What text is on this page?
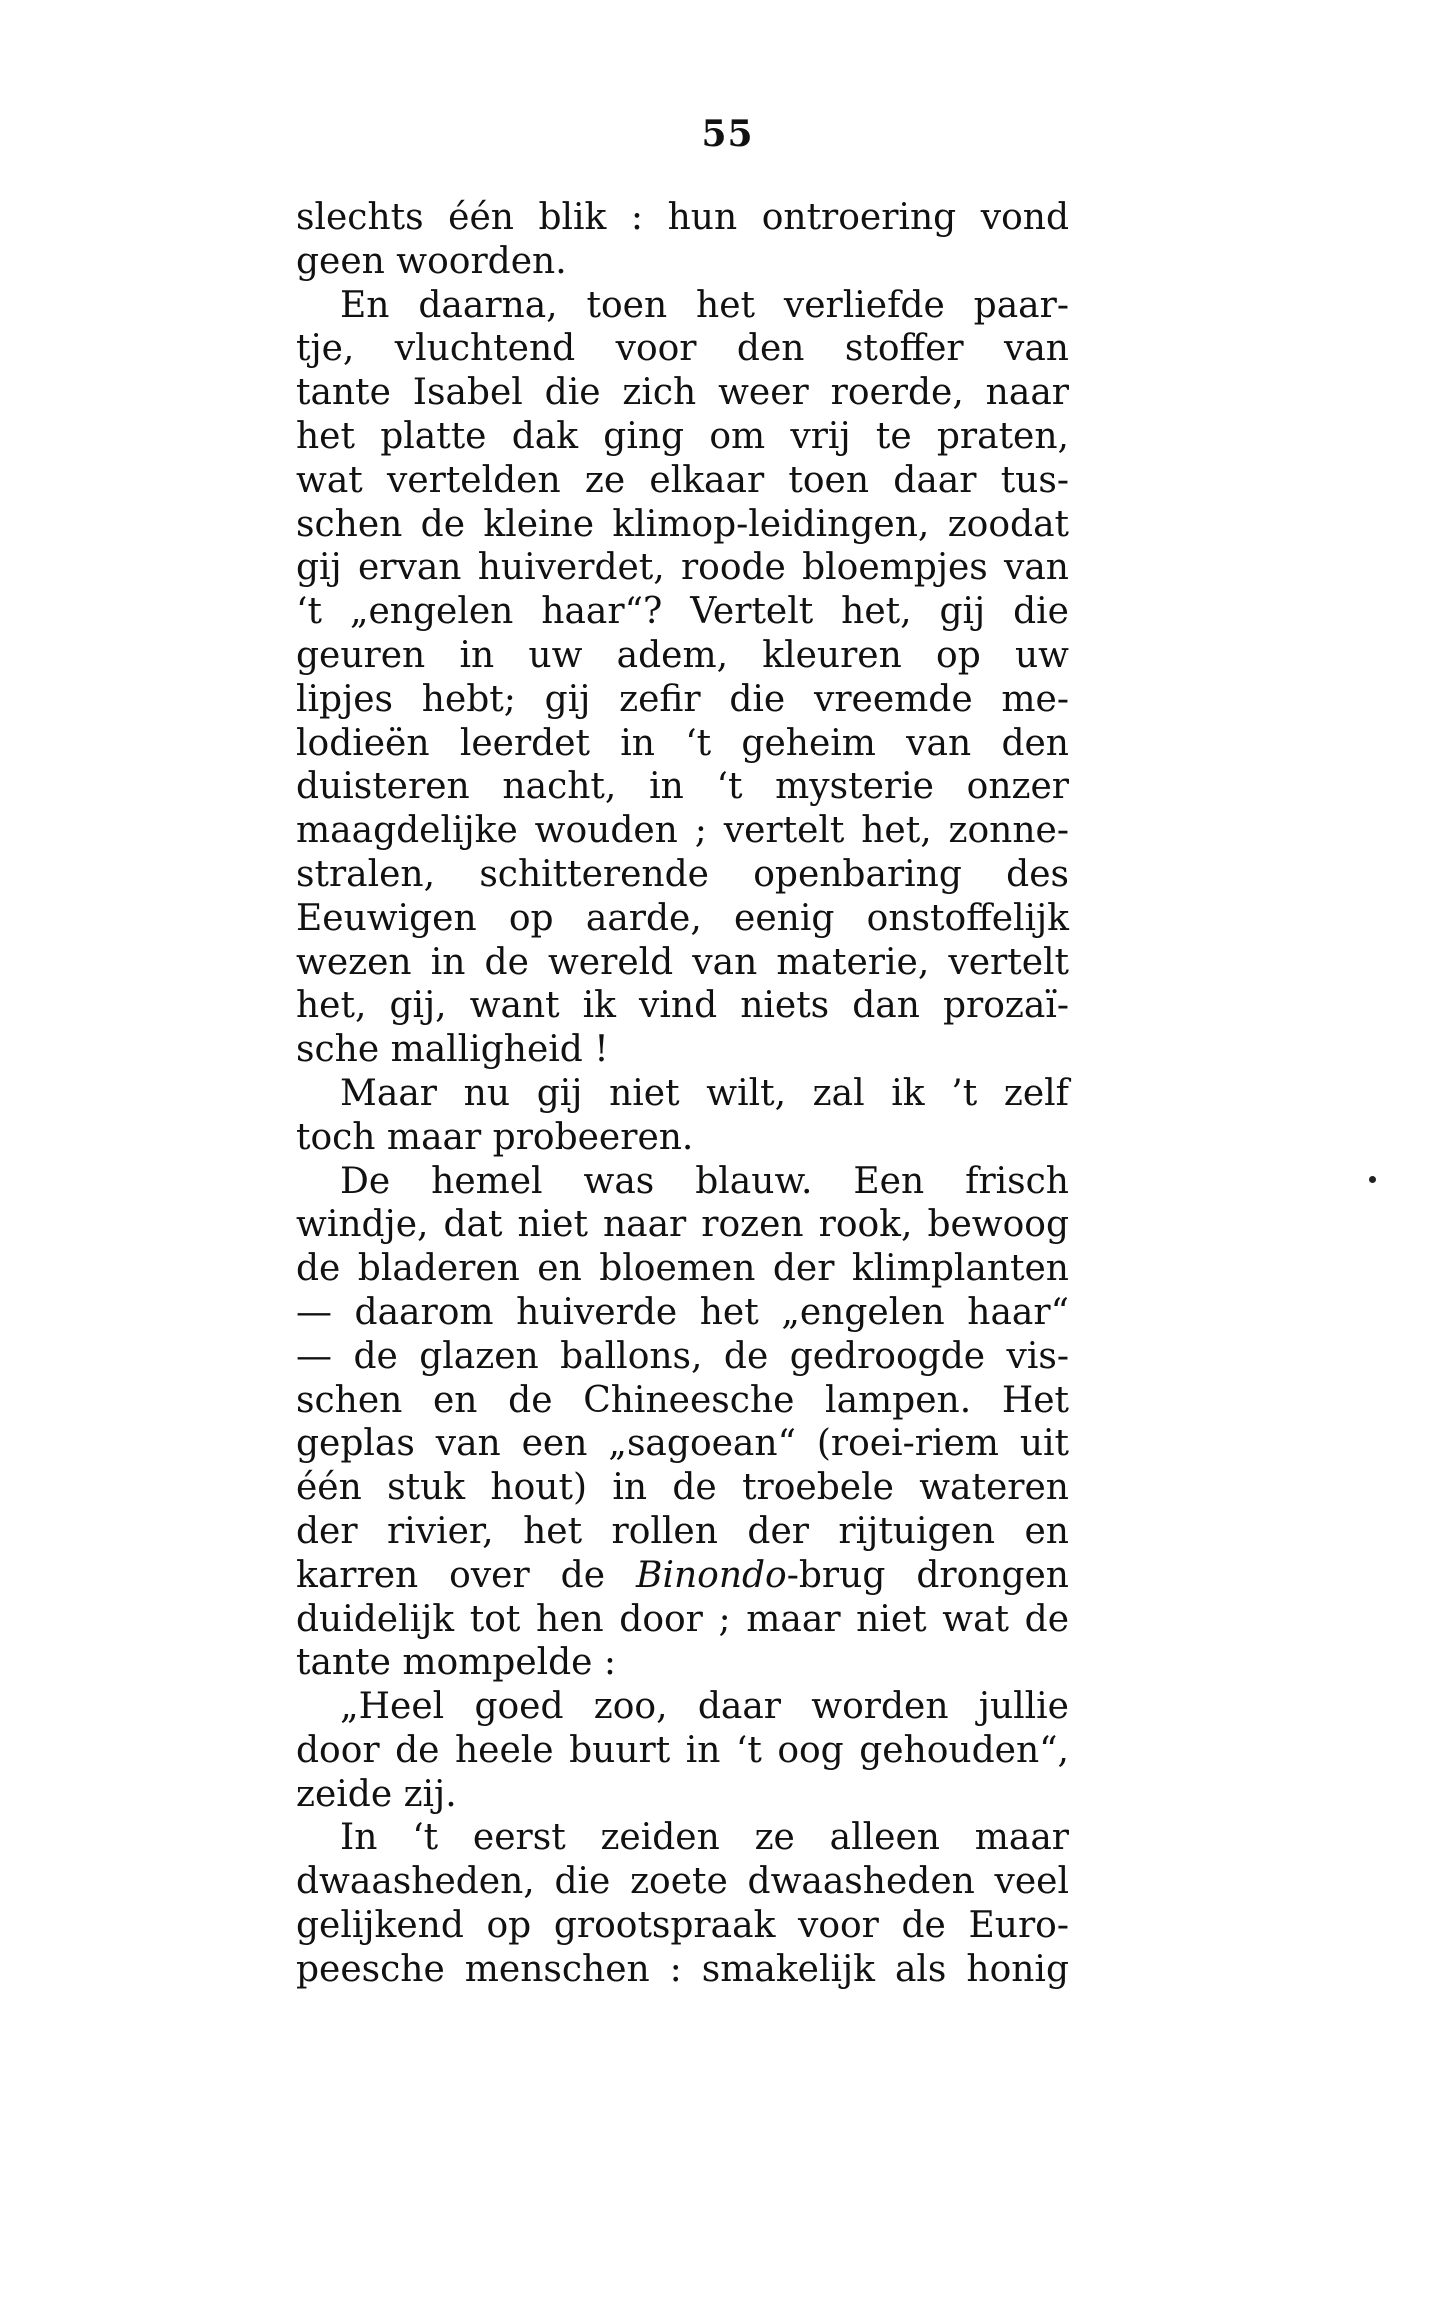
55
slechts één blik : hun ontroering vond
geen woorden.
En daarna, toen het verliefde paar-
tje, vluchtend voor den stoffer van
tante Isabel die zich weer roerde, naar
het platte dak ging om vrij te praten,
wat vertelden ze elkaar toen daar tus-
schen de kleine klimop-leidingen, zoodat
gij ervan huiverdet, roode bloempjes van
‘t „engelen haar“? Vertelt het, gij die
geuren in uw adem, kleuren op uw
lipjes hebt; gij zefir die vreemde me-
lodieën leerdet in ‘t geheim van den
duisteren nacht, in ‘t mysterie onzer
maagdelijke wouden ; vertelt het, zonne-
stralen, schitterende openbaring des
Eeuwigen op aarde, eenig onstoffelijk
wezen in de wereld van materie, vertelt
het, gij, want ik vind niets dan prozaï-
sche malligheid !
Maar nu gij niet wilt, zal ik ’t zelf
toch maar probeeren.
De hemel was blauw. Een frisch
windje, dat niet naar rozen rook, bewoog
de bladeren en bloemen der klimplanten
— daarom huiverde het „engelen haar“
— de glazen ballons, de gedroogde vis-
schen en de Chineesche lampen. Het
geplas van een „sagoean“ (roei-riem uit
één stuk hout) in de troebele wateren
der rivier, het rollen der rijtuigen en
karren over de Binondo-brug drongen
duidelijk tot hen door ; maar niet wat de
tante mompelde :
„Heel goed zoo, daar worden jullie
door de heele buurt in ‘t oog gehouden“,
zeide zij.
In ‘t eerst zeiden ze alleen maar
dwaasheden, die zoete dwaasheden veel
gelijkend op grootspraak voor de Euro-
peesche menschen : smakelijk als honig
